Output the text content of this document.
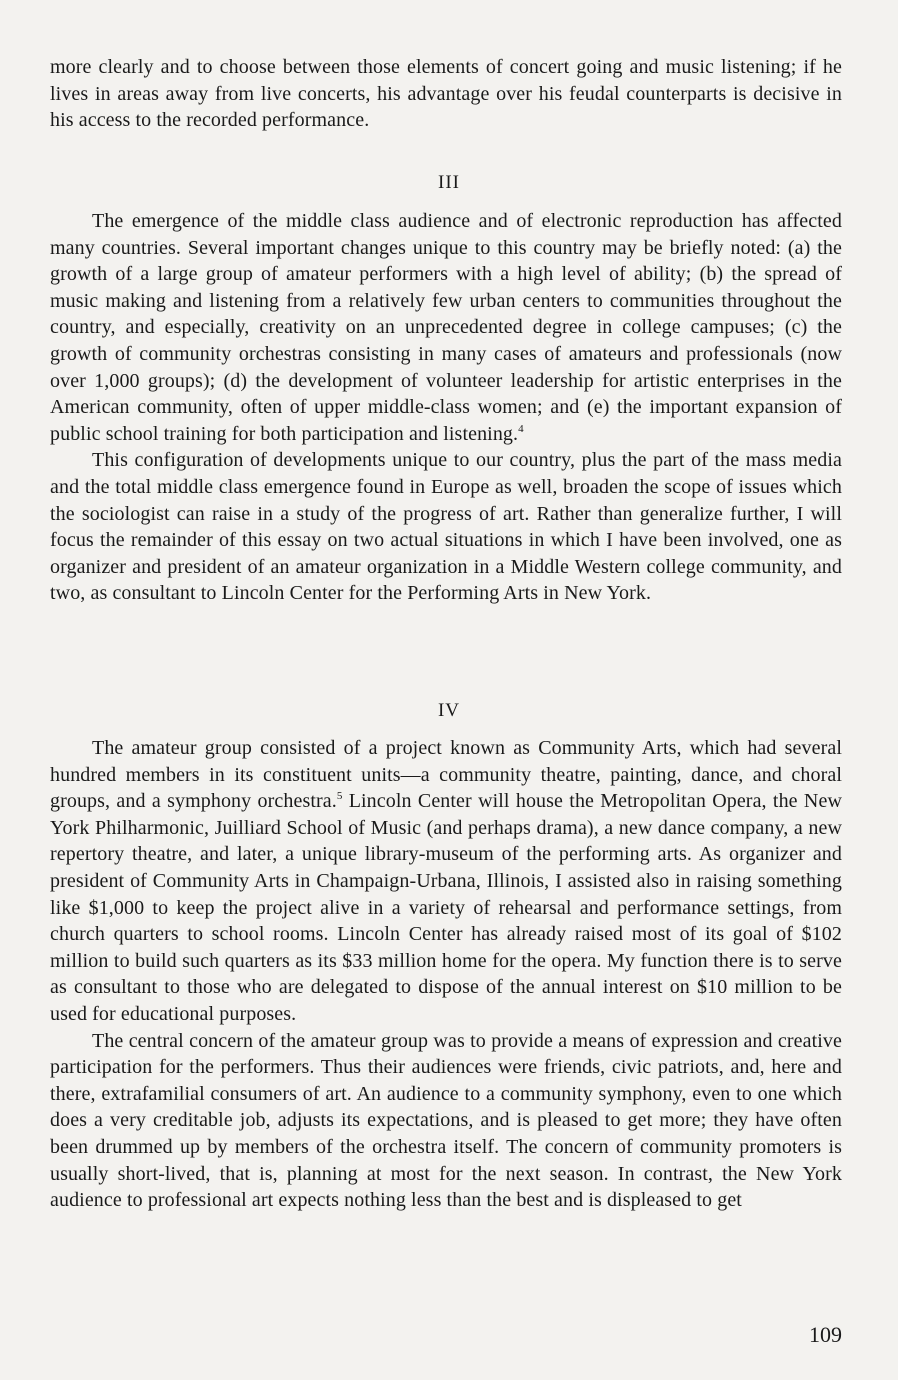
more clearly and to choose between those elements of concert going and music listening; if he lives in areas away from live concerts, his advantage over his feudal counterparts is decisive in his access to the recorded performance.

III

The emergence of the middle class audience and of electronic reproduction has affected many countries. Several important changes unique to this country may be briefly noted: (a) the growth of a large group of amateur performers with a high level of ability; (b) the spread of music making and listening from a relatively few urban centers to communities throughout the country, and especially, creativity on an unprecedented degree in college campuses; (c) the growth of community orchestras consisting in many cases of amateurs and professionals (now over 1,000 groups); (d) the development of volunteer leadership for artistic enterprises in the American community, often of upper middle-class women; and (e) the important expansion of public school training for both participation and listening.$^4$

This configuration of developments unique to our country, plus the part of the mass media and the total middle class emergence found in Europe as well, broaden the scope of issues which the sociologist can raise in a study of the progress of art. Rather than generalize further, I will focus the remainder of this essay on two actual situations in which I have been involved, one as organizer and president of an amateur organization in a Middle Western college community, and two, as consultant to Lincoln Center for the Performing Arts in New York.

IV

The amateur group consisted of a project known as Community Arts, which had several hundred members in its constituent units—a community theatre, painting, dance, and choral groups, and a symphony orchestra.$^5$ Lincoln Center will house the Metropolitan Opera, the New York Philharmonic, Juilliard School of Music (and perhaps drama), a new dance company, a new repertory theatre, and later, a unique library-museum of the performing arts. As organizer and president of Community Arts in Champaign-Urbana, Illinois, I assisted also in raising something like $1,000 to keep the project alive in a variety of rehearsal and performance settings, from church quarters to school rooms. Lincoln Center has already raised most of its goal of $102 million to build such quarters as its $33 million home for the opera. My function there is to serve as consultant to those who are delegated to dispose of the annual interest on $10 million to be used for educational purposes.

The central concern of the amateur group was to provide a means of expression and creative participation for the performers. Thus their audiences were friends, civic patriots, and, here and there, extrafamilial consumers of art. An audience to a community symphony, even to one which does a very creditable job, adjusts its expectations, and is pleased to get more; they have often been drummed up by members of the orchestra itself. The concern of community promoters is usually short-lived, that is, planning at most for the next season. In contrast, the New York audience to professional art expects nothing less than the best and is displeased to get

109
